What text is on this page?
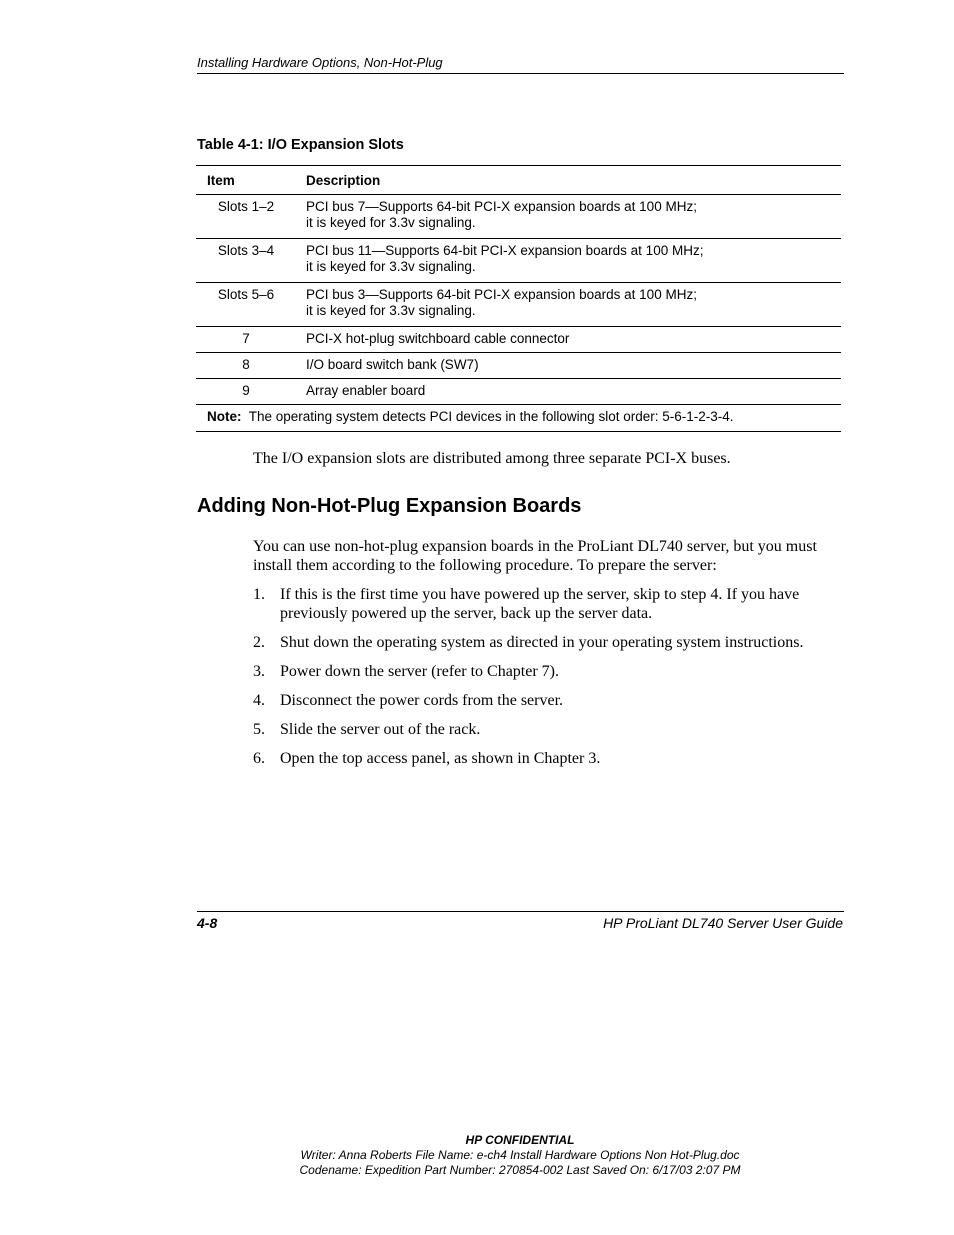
Installing Hardware Options, Non-Hot-Plug
Table 4-1: I/O Expansion Slots
Item	Description
Slots 1–2	PCI bus 7—Supports 64-bit PCI-X expansion boards at 100 MHz;
it is keyed for 3.3v signaling.
Slots 3–4	PCI bus 11—Supports 64-bit PCI-X expansion boards at 100 MHz;
it is keyed for 3.3v signaling.
Slots 5–6	PCI bus 3—Supports 64-bit PCI-X expansion boards at 100 MHz;
it is keyed for 3.3v signaling.
7	PCI-X hot-plug switchboard cable connector
8	I/O board switch bank (SW7)
9	Array enabler board
Note: The operating system detects PCI devices in the following slot order: 5-6-1-2-3-4.	
The I/O expansion slots are distributed among three separate PCI-X buses.
Adding Non-Hot-Plug Expansion Boards
You can use non-hot-plug expansion boards in the ProLiant DL740 server, but you must install them according to the following procedure. To prepare the server:
1. If this is the first time you have powered up the server, skip to step 4. If you have previously powered up the server, back up the server data.
2. Shut down the operating system as directed in your operating system instructions.
3. Power down the server (refer to Chapter 7).
4. Disconnect the power cords from the server.
5. Slide the server out of the rack.
6. Open the top access panel, as shown in Chapter 3.
4-8	HP ProLiant DL740 Server User Guide
HP CONFIDENTIAL
Writer: Anna Roberts File Name: e-ch4 Install Hardware Options Non Hot-Plug.doc
Codename: Expedition Part Number: 270854-002 Last Saved On: 6/17/03 2:07 PM
